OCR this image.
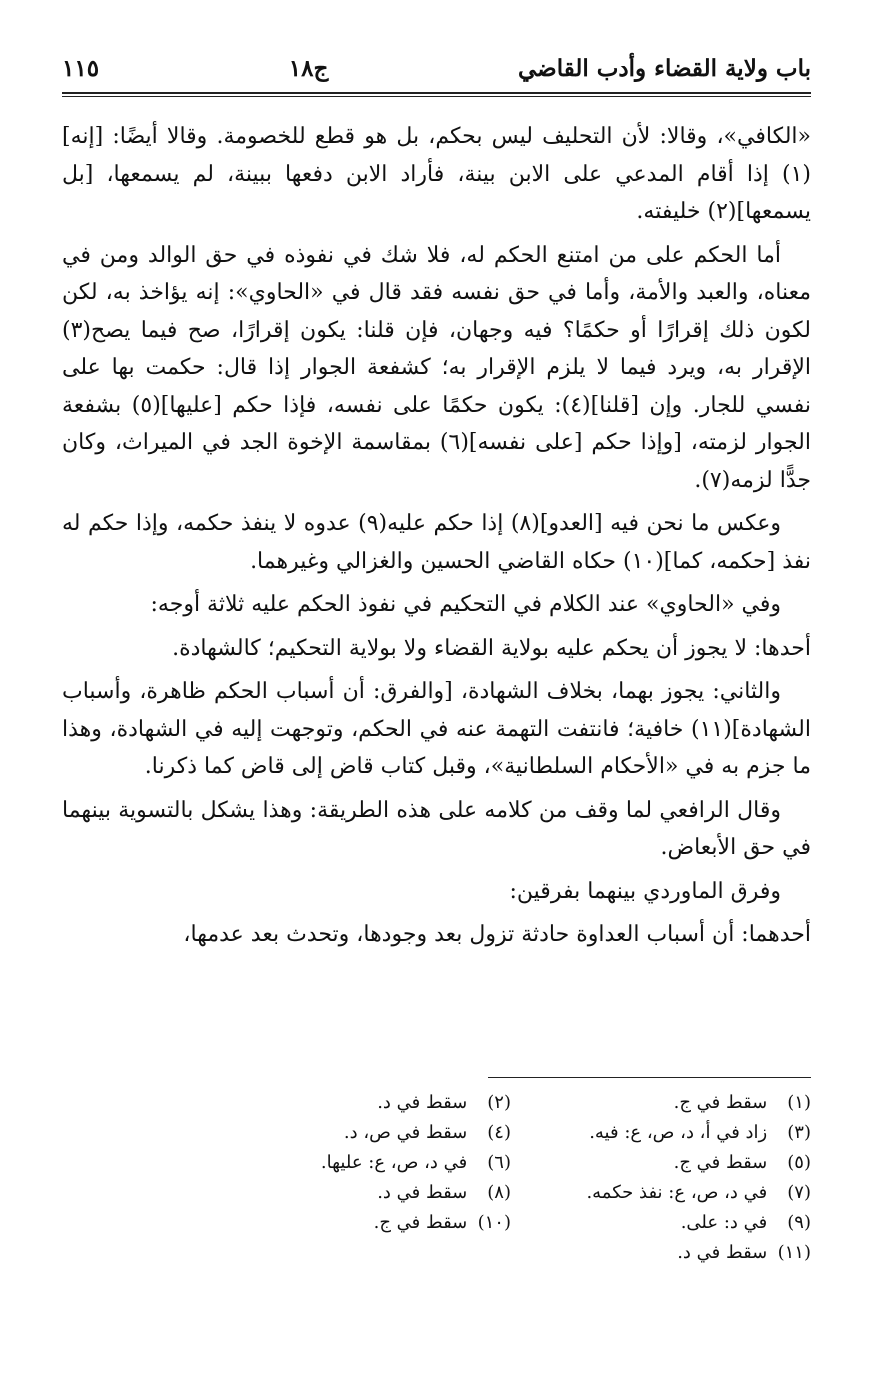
باب ولاية القضاء وأدب القاضي
ج١٨
١١٥

«الكافي»، وقالا: لأن التحليف ليس بحكم، بل هو قطع للخصومة. وقالا أيضًا: [إنه](١) إذا أقام المدعي على الابن بينة، فأراد الابن دفعها ببينة، لم يسمعها، [بل يسمعها](٢) خليفته.

أما الحكم على من امتنع الحكم له، فلا شك في نفوذه في حق الوالد ومن في معناه، والعبد والأمة، وأما في حق نفسه فقد قال في «الحاوي»: إنه يؤاخذ به، لكن لكون ذلك إقرارًا أو حكمًا؟ فيه وجهان، فإن قلنا: يكون إقرارًا، صح فيما يصح(٣) الإقرار به، ويرد فيما لا يلزم الإقرار به؛ كشفعة الجوار إذا قال: حكمت بها على نفسي للجار. وإن [قلنا](٤): يكون حكمًا على نفسه، فإذا حكم [عليها](٥) بشفعة الجوار لزمته، [وإذا حكم [على نفسه](٦) بمقاسمة الإخوة الجد في الميراث، وكان جدًّا لزمه(٧).

وعكس ما نحن فيه [العدو](٨) إذا حكم عليه(٩) عدوه لا ينفذ حكمه، وإذا حكم له نفذ [حكمه، كما](١٠) حكاه القاضي الحسين والغزالي وغيرهما.

وفي «الحاوي» عند الكلام في التحكيم في نفوذ الحكم عليه ثلاثة أوجه:

أحدها: لا يجوز أن يحكم عليه بولاية القضاء ولا بولاية التحكيم؛ كالشهادة.

والثاني: يجوز بهما، بخلاف الشهادة، [والفرق: أن أسباب الحكم ظاهرة، وأسباب الشهادة](١١) خافية؛ فانتفت التهمة عنه في الحكم، وتوجهت إليه في الشهادة، وهذا ما جزم به في «الأحكام السلطانية»، وقبل كتاب قاض إلى قاض كما ذكرنا.

وقال الرافعي لما وقف من كلامه على هذه الطريقة: وهذا يشكل بالتسوية بينهما في حق الأبعاض.

وفرق الماوردي بينهما بفرقين:

أحدهما: أن أسباب العداوة حادثة تزول بعد وجودها، وتحدث بعد عدمها،

(١) سقط في ج.
(٣) زاد في أ، د، ص، ع: فيه.
(٥) سقط في ج.
(٧) في د، ص، ع: نفذ حكمه.
(٩) في د: على.
(١١) سقط في د.
(٢) سقط في د.
(٤) سقط في ص، د.
(٦) في د، ص، ع: عليها.
(٨) سقط في د.
(١٠) سقط في ج.
